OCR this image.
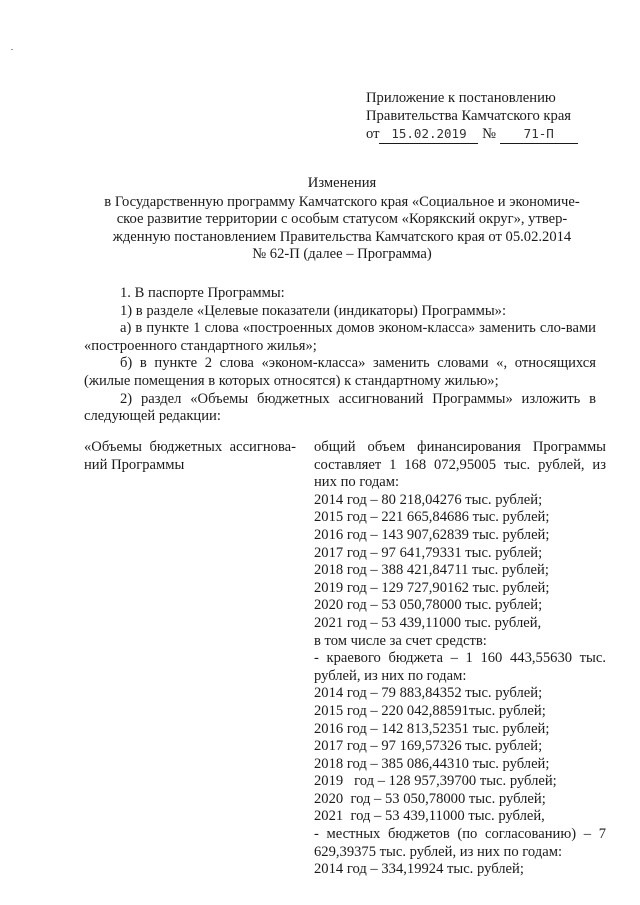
Приложение к постановлению
Правительства Камчатского края
от 15.02.2019 № 71-П
Изменения
в Государственную программу Камчатского края «Социальное и экономиче-
ское развитие территории с особым статусом «Корякский округ», утвер-
жденную постановлением Правительства Камчатского края от 05.02.2014
№ 62-П (далее – Программа)
1. В паспорте Программы:
1) в разделе «Целевые показатели (индикаторы) Программы»:
а) в пункте 1 слова «построенных домов эконом-класса» заменить сло-вами «построенного стандартного жилья»;
б) в пункте 2 слова «эконом-класса» заменить словами «, относящихся (жилые помещения в которых относятся) к стандартному жилью»;
2) раздел «Объемы бюджетных ассигнований Программы» изложить в следующей редакции:
«Объемы бюджетных ассигнова-ний Программы
общий объем финансирования Программы составляет 1 168 072,95005 тыс. рублей, из них по годам:
2014 год – 80 218,04276 тыс. рублей;
2015 год – 221 665,84686 тыс. рублей;
2016 год – 143 907,62839 тыс. рублей;
2017 год – 97 641,79331 тыс. рублей;
2018 год – 388 421,84711 тыс. рублей;
2019 год – 129 727,90162 тыс. рублей;
2020 год – 53 050,78000 тыс. рублей;
2021 год – 53 439,11000 тыс. рублей,
в том числе за счет средств:
- краевого бюджета – 1 160 443,55630 тыс. рублей, из них по годам:
2014 год – 79 883,84352 тыс. рублей;
2015 год – 220 042,88591тыс. рублей;
2016 год – 142 813,52351 тыс. рублей;
2017 год – 97 169,57326 тыс. рублей;
2018 год – 385 086,44310 тыс. рублей;
2019   год – 128 957,39700 тыс. рублей;
2020  год – 53 050,78000 тыс. рублей;
2021  год – 53 439,11000 тыс. рублей,
- местных бюджетов (по согласованию) – 7 629,39375 тыс. рублей, из них по годам:
2014 год – 334,19924 тыс. рублей;
